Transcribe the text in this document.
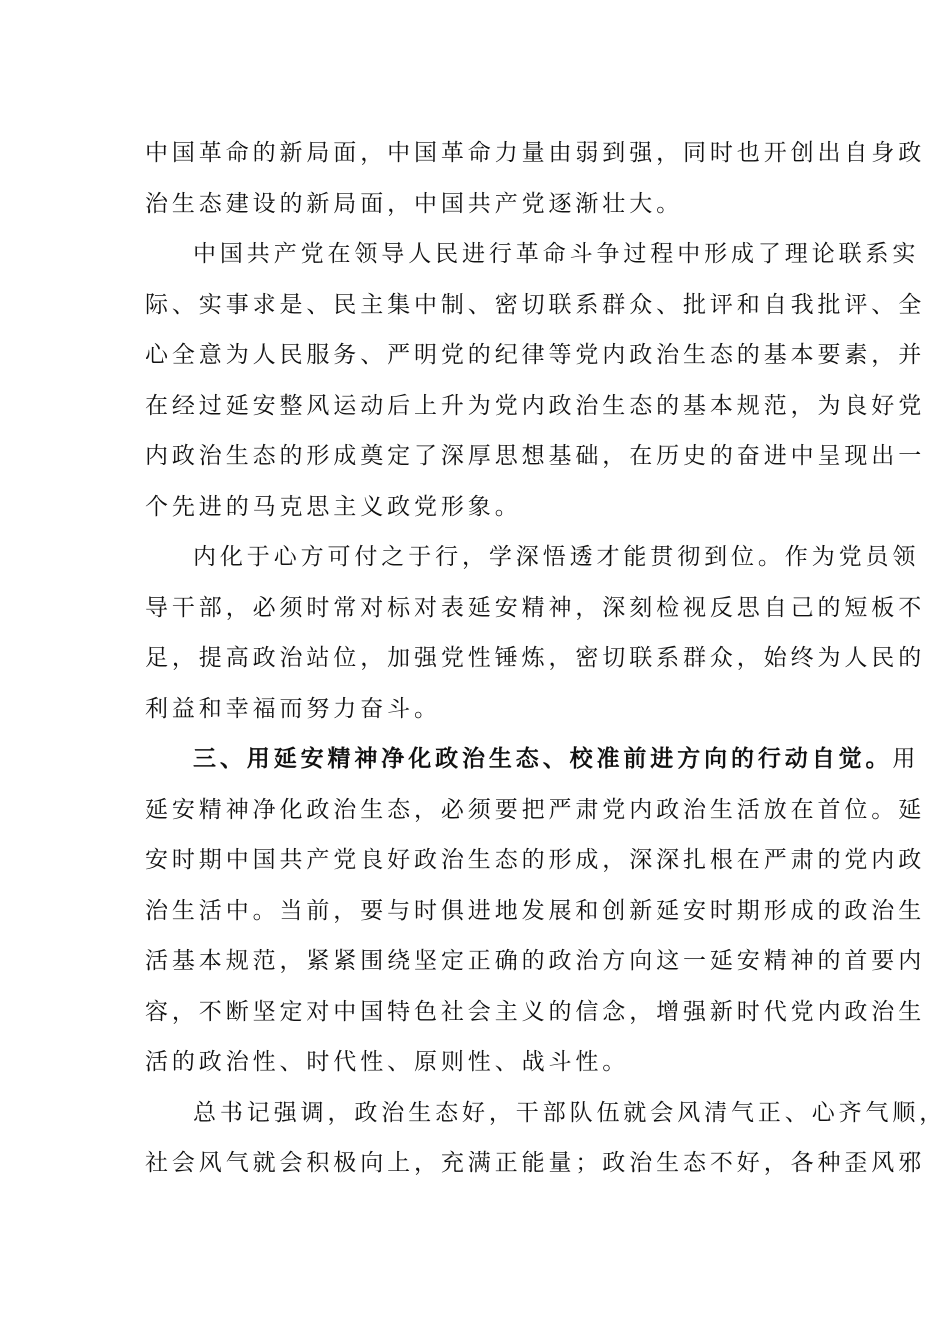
中国革命的新局面，中国革命力量由弱到强，同时也开创出自身政
治生态建设的新局面，中国共产党逐渐壮大。
中国共产党在领导人民进行革命斗争过程中形成了理论联系实
际、实事求是、民主集中制、密切联系群众、批评和自我批评、全
心全意为人民服务、严明党的纪律等党内政治生态的基本要素，并
在经过延安整风运动后上升为党内政治生态的基本规范，为良好党
内政治生态的形成奠定了深厚思想基础，在历史的奋进中呈现出一
个先进的马克思主义政党形象。
内化于心方可付之于行，学深悟透才能贯彻到位。作为党员领
导干部，必须时常对标对表延安精神，深刻检视反思自己的短板不
足，提高政治站位，加强党性锤炼，密切联系群众，始终为人民的
利益和幸福而努力奋斗。
三、用延安精神净化政治生态、校准前进方向的行动自觉。用
延安精神净化政治生态，必须要把严肃党内政治生活放在首位。延
安时期中国共产党良好政治生态的形成，深深扎根在严肃的党内政
治生活中。当前，要与时俱进地发展和创新延安时期形成的政治生
活基本规范，紧紧围绕坚定正确的政治方向这一延安精神的首要内
容，不断坚定对中国特色社会主义的信念，增强新时代党内政治生
活的政治性、时代性、原则性、战斗性。
总书记强调，政治生态好，干部队伍就会风清气正、心齐气顺，
社会风气就会积极向上，充满正能量；政治生态不好，各种歪风邪
